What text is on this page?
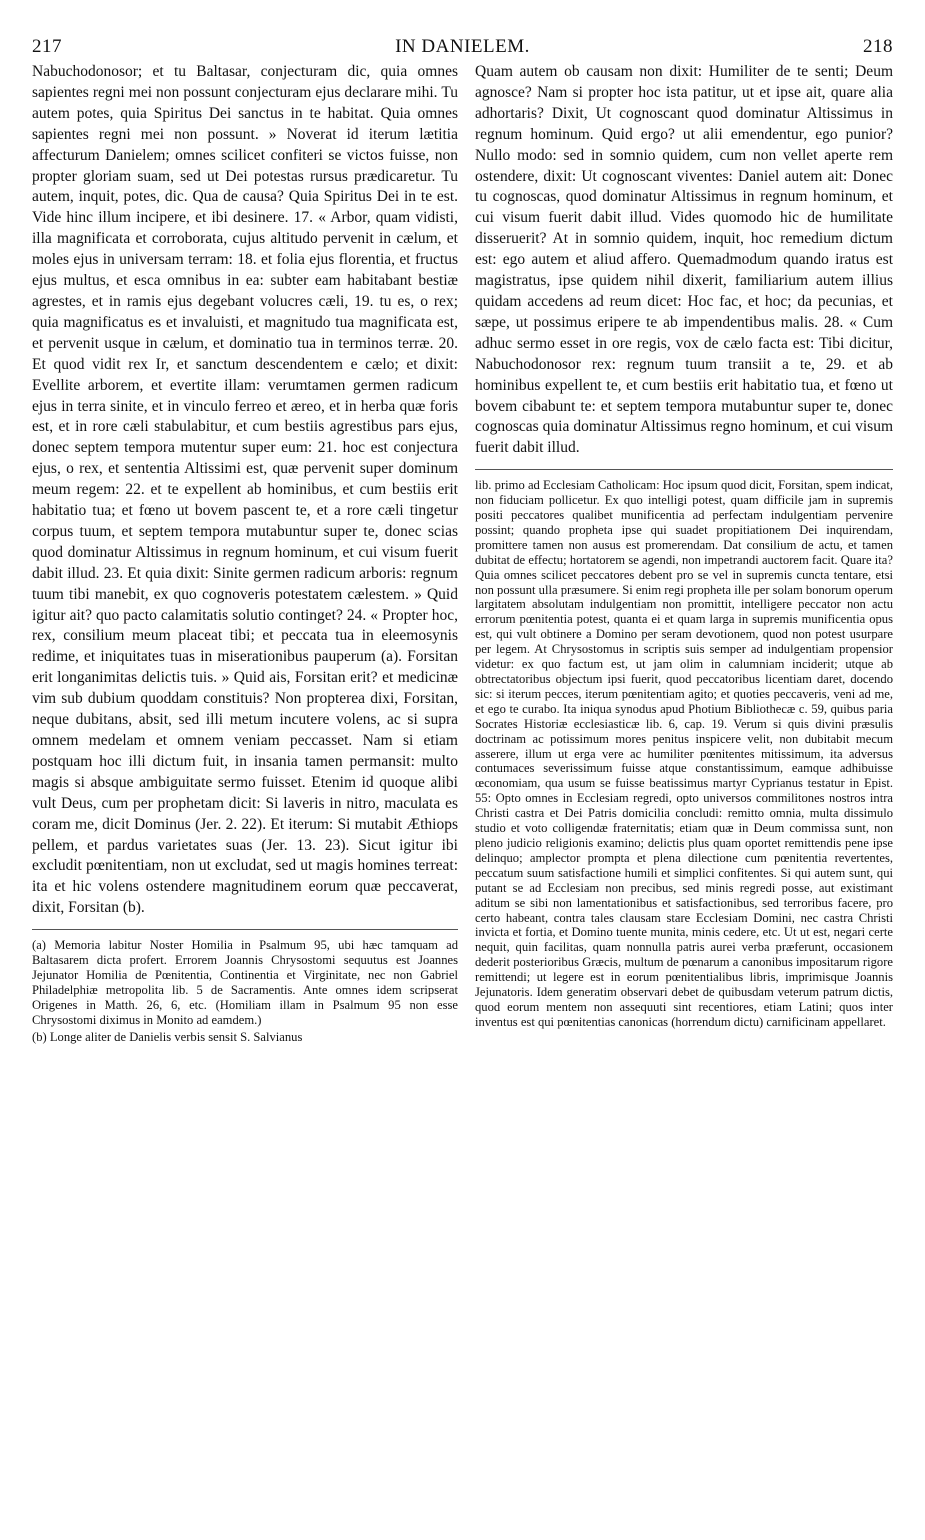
217	IN DANIELEM.	218

Nabuchodonosor; et tu Baltasar, conjecturam dic, quia omnes sapientes regni mei non possunt conjecturam ejus declarare mihi. Tu autem potes, quia Spiritus Dei sanctus in te habitat. Quia omnes sapientes regni mei non possunt. » Noverat id iterum lætitia affecturum Danielem; omnes scilicet confiteri se victos fuisse, non propter gloriam suam, sed ut Dei potestas rursus prædicaretur. Tu autem, inquit, potes, dic. Qua de causa? Quia Spiritus Dei in te est. Vide hinc illum incipere, et ibi desinere. 17. « Arbor, quam vidisti, illa magnificata et corroborata, cujus altitudo pervenit in cælum, et moles ejus in universam terram: 18. et folia ejus florentia, et fructus ejus multus, et esca omnibus in ea: subter eam habitabant bestiæ agrestes, et in ramis ejus degebant volucres cæli, 19. tu es, o rex; quia magnificatus es et invaluisti, et magnitudo tua magnificata est, et pervenit usque in cælum, et dominatio tua in terminos terræ. 20. Et quod vidit rex Ir, et sanctum descendentem e cælo; et dixit: Evellite arborem, et evertite illam: verumtamen germen radicum ejus in terra sinite, et in vinculo ferreo et æreo, et in herba quæ foris est, et in rore cæli stabulabitur, et cum bestiis agrestibus pars ejus, donec septem tempora mutentur super eum: 21. hoc est conjectura ejus, o rex, et sententia Altissimi est, quæ pervenit super dominum meum regem: 22. et te expellent ab hominibus, et cum bestiis erit habitatio tua; et fœno ut bovem pascent te, et a rore cæli tingetur corpus tuum, et septem tempora mutabuntur super te, donec scias quod dominatur Altissimus in regnum hominum, et cui visum fuerit dabit illud. 23. Et quia dixit: Sinite germen radicum arboris: regnum tuum tibi manebit, ex quo cognoveris potestatem cælestem. » Quid igitur ait? quo pacto calamitatis solutio continget? 24. « Propter hoc, rex, consilium meum placeat tibi; et peccata tua in eleemosynis redime, et iniquitates tuas in miserationibus pauperum (a). Forsitan erit longanimitas delictis tuis. » Quid ais, Forsitan erit? et medicinæ vim sub dubium quoddam constituis? Non propterea dixi, Forsitan, neque dubitans, absit, sed illi metum incutere volens, ac si supra omnem medelam et omnem veniam peccasset. Nam si etiam postquam hoc illi dictum fuit, in insania tamen permansit: multo magis si absque ambiguitate sermo fuisset. Etenim id quoque alibi vult Deus, cum per prophetam dicit: Si laveris in nitro, maculata es coram me, dicit Dominus (Jer. 2. 22). Et iterum: Si mutabit Æthiops pellem, et pardus varietates suas (Jer. 13. 23). Sicut igitur ibi excludit pœnitentiam, non ut excludat, sed ut magis homines terreat: ita et hic volens ostendere magnitudinem eorum quæ peccaverat, dixit, Forsitan (b).

(a) Memoria labitur Noster Homilia in Psalmum 95, ubi hæc tamquam ad Baltasarem dicta profert. Errorem Joannis Chrysostomi sequutus est Joannes Jejunator Homilia de Pœnitentia, Continentia et Virginitate, nec non Gabriel Philadelphiæ metropolita lib. 5 de Sacramentis. Ante omnes idem scripserat Origenes in Matth. 26, 6, etc. (Homiliam illam in Psalmum 95 non esse Chrysostomi diximus in Monito ad eamdem.)

(b) Longe aliter de Danielis verbis sensit S. Salvianus

Quam autem ob causam non dixit: Humiliter de te senti; Deum agnosce? Nam si propter hoc ista patitur, ut et ipse ait, quare alia adhortaris? Dixit, Ut cognoscant quod dominatur Altissimus in regnum hominum. Quid ergo? ut alii emendentur, ego punior? Nullo modo: sed in somnio quidem, cum non vellet aperte rem ostendere, dixit: Ut cognoscant viventes: Daniel autem ait: Donec tu cognoscas, quod dominatur Altissimus in regnum hominum, et cui visum fuerit dabit illud. Vides quomodo hic de humilitate disseruerit? At in somnio quidem, inquit, hoc remedium dictum est: ego autem et aliud affero. Quemadmodum quando iratus est magistratus, ipse quidem nihil dixerit, familiarium autem illius quidam accedens ad reum dicet: Hoc fac, et hoc; da pecunias, et sæpe, ut possimus eripere te ab impendentibus malis. 28. « Cum adhuc sermo esset in ore regis, vox de cælo facta est: Tibi dicitur, Nabuchodonosor rex: regnum tuum transiit a te, 29. et ab hominibus expellent te, et cum bestiis erit habitatio tua, et fœno ut bovem cibabunt te: et septem tempora mutabuntur super te, donec cognoscas quia dominatur Altissimus regno hominum, et cui visum fuerit dabit illud.

lib. primo ad Ecclesiam Catholicam: Hoc ipsum quod dicit, Forsitan, spem indicat, non fiduciam pollicetur. Ex quo intelligi potest, quam difficile jam in supremis positi peccatores qualibet munificentia ad perfectam indulgentiam pervenire possint; quando propheta ipse qui suadet propitiationem Dei inquirendam, promittere tamen non ausus est promerendam. Dat consilium de actu, et tamen dubitat de effectu; hortatorem se agendi, non impetrandi auctorem facit. Quare ita? Quia omnes scilicet peccatores debent pro se vel in supremis cuncta tentare, etsi non possunt ulla præsumere. Si enim regi propheta ille per solam bonorum operum largitatem absolutam indulgentiam non promittit, intelligere peccator non actu errorum pœnitentia potest, quanta ei et quam larga in supremis munificentia opus est, qui vult obtinere a Domino per seram devotionem, quod non potest usurpare per legem. At Chrysostomus in scriptis suis semper ad indulgentiam propensior videtur: ex quo factum est, ut jam olim in calumniam inciderit; utque ab obtrectatoribus objectum ipsi fuerit, quod peccatoribus licentiam daret, docendo sic: si iterum pecces, iterum pœnitentiam agito; et quoties peccaveris, veni ad me, et ego te curabo. Ita iniqua synodus apud Photium Bibliothecæ c. 59, quibus paria Socrates Historiæ ecclesiasticæ lib. 6, cap. 19. Verum si quis divini præsulis doctrinam ac potissimum mores penitus inspicere velit, non dubitabit mecum asserere, illum ut erga vere ac humiliter pœnitentes mitissimum, ita adversus contumaces severissimum fuisse atque constantissimum, eamque adhibuisse œconomiam, qua usum se fuisse beatissimus martyr Cyprianus testatur in Epist. 55: Opto omnes in Ecclesiam regredi, opto universos commilitones nostros intra Christi castra et Dei Patris domicilia concludi: remitto omnia, multa dissimulo studio et voto colligendæ fraternitatis; etiam quæ in Deum commissa sunt, non pleno judicio religionis examino; delictis plus quam oportet remittendis pene ipse delinquo; amplector prompta et plena dilectione cum pœnitentia revertentes, peccatum suum satisfactione humili et simplici confitentes. Si qui autem sunt, qui putant se ad Ecclesiam non precibus, sed minis regredi posse, aut existimant aditum se sibi non lamentationibus et satisfactionibus, sed terroribus facere, pro certo habeant, contra tales clausam stare Ecclesiam Domini, nec castra Christi invicta et fortia, et Domino tuente munita, minis cedere, etc. Ut ut est, negari certe nequit, quin facilitas, quam nonnulla patris aurei verba præferunt, occasionem dederit posterioribus Græcis, multum de pœnarum a canonibus impositarum rigore remittendi; ut legere est in eorum pœnitentialibus libris, imprimisque Joannis Jejunatoris. Idem generatim observari debet de quibusdam veterum patrum dictis, quod eorum mentem non assequuti sint recentiores, etiam Latini; quos inter inventus est qui pœnitentias canonicas (horrendum dictu) carnificinam appellaret.
